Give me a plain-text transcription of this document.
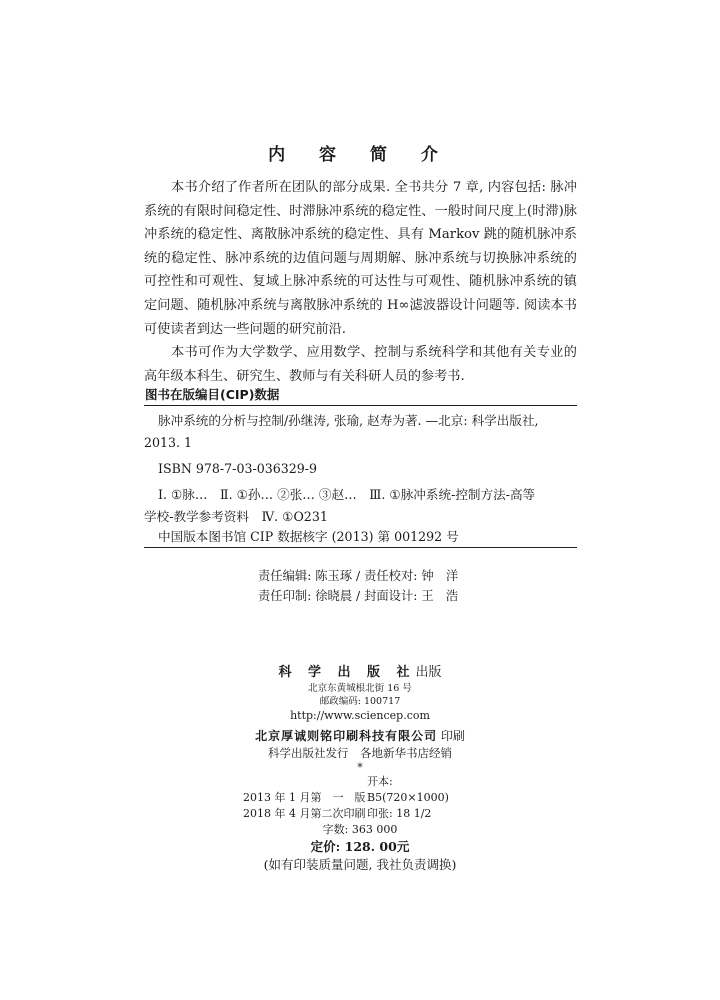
内 容 简 介

本书介绍了作者所在团队的部分成果. 全书共分 7 章, 内容包括: 脉冲系统的有限时间稳定性、时滞脉冲系统的稳定性、一般时间尺度上(时滞)脉冲系统的稳定性、离散脉冲系统的稳定性、具有 Markov 跳的随机脉冲系统的稳定性、脉冲系统的边值问题与周期解、脉冲系统与切换脉冲系统的可控性和可观性、复域上脉冲系统的可达性与可观性、随机脉冲系统的镇定问题、随机脉冲系统与离散脉冲系统的 H∞滤波器设计问题等. 阅读本书可使读者到达一些问题的研究前沿.

本书可作为大学数学、应用数学、控制与系统科学和其他有关专业的高年级本科生、研究生、教师与有关科研人员的参考书.

图书在版编目(CIP)数据
脉冲系统的分析与控制/孙继涛, 张瑜, 赵寿为著. —北京: 科学出版社,
2013. 1
ISBN 978-7-03-036329-9
Ⅰ. ①脉…　Ⅱ. ①孙… ②张… ③赵…　Ⅲ. ①脉冲系统-控制方法-高等
学校-教学参考资料　Ⅳ. ①O231
中国版本图书馆 CIP 数据核字 (2013) 第 001292 号
责任编辑: 陈玉琢 / 责任校对: 钟　洋
责任印制: 徐晓晨 / 封面设计: 王　浩
科 学 出 版 社出版
北京东黄城根北街 16 号
邮政编码: 100717
http://www.sciencep.com
北京厚诚则铭印刷科技有限公司 印刷
科学出版社发行　各地新华书店经销
*
2013 年 1 月第　一　版开本: B5(720×1000)
2018 年 4 月第二次印刷 印张: 18 1/2
字数: 363 000
定价: 128. 00元
(如有印装质量问题, 我社负责调换)
